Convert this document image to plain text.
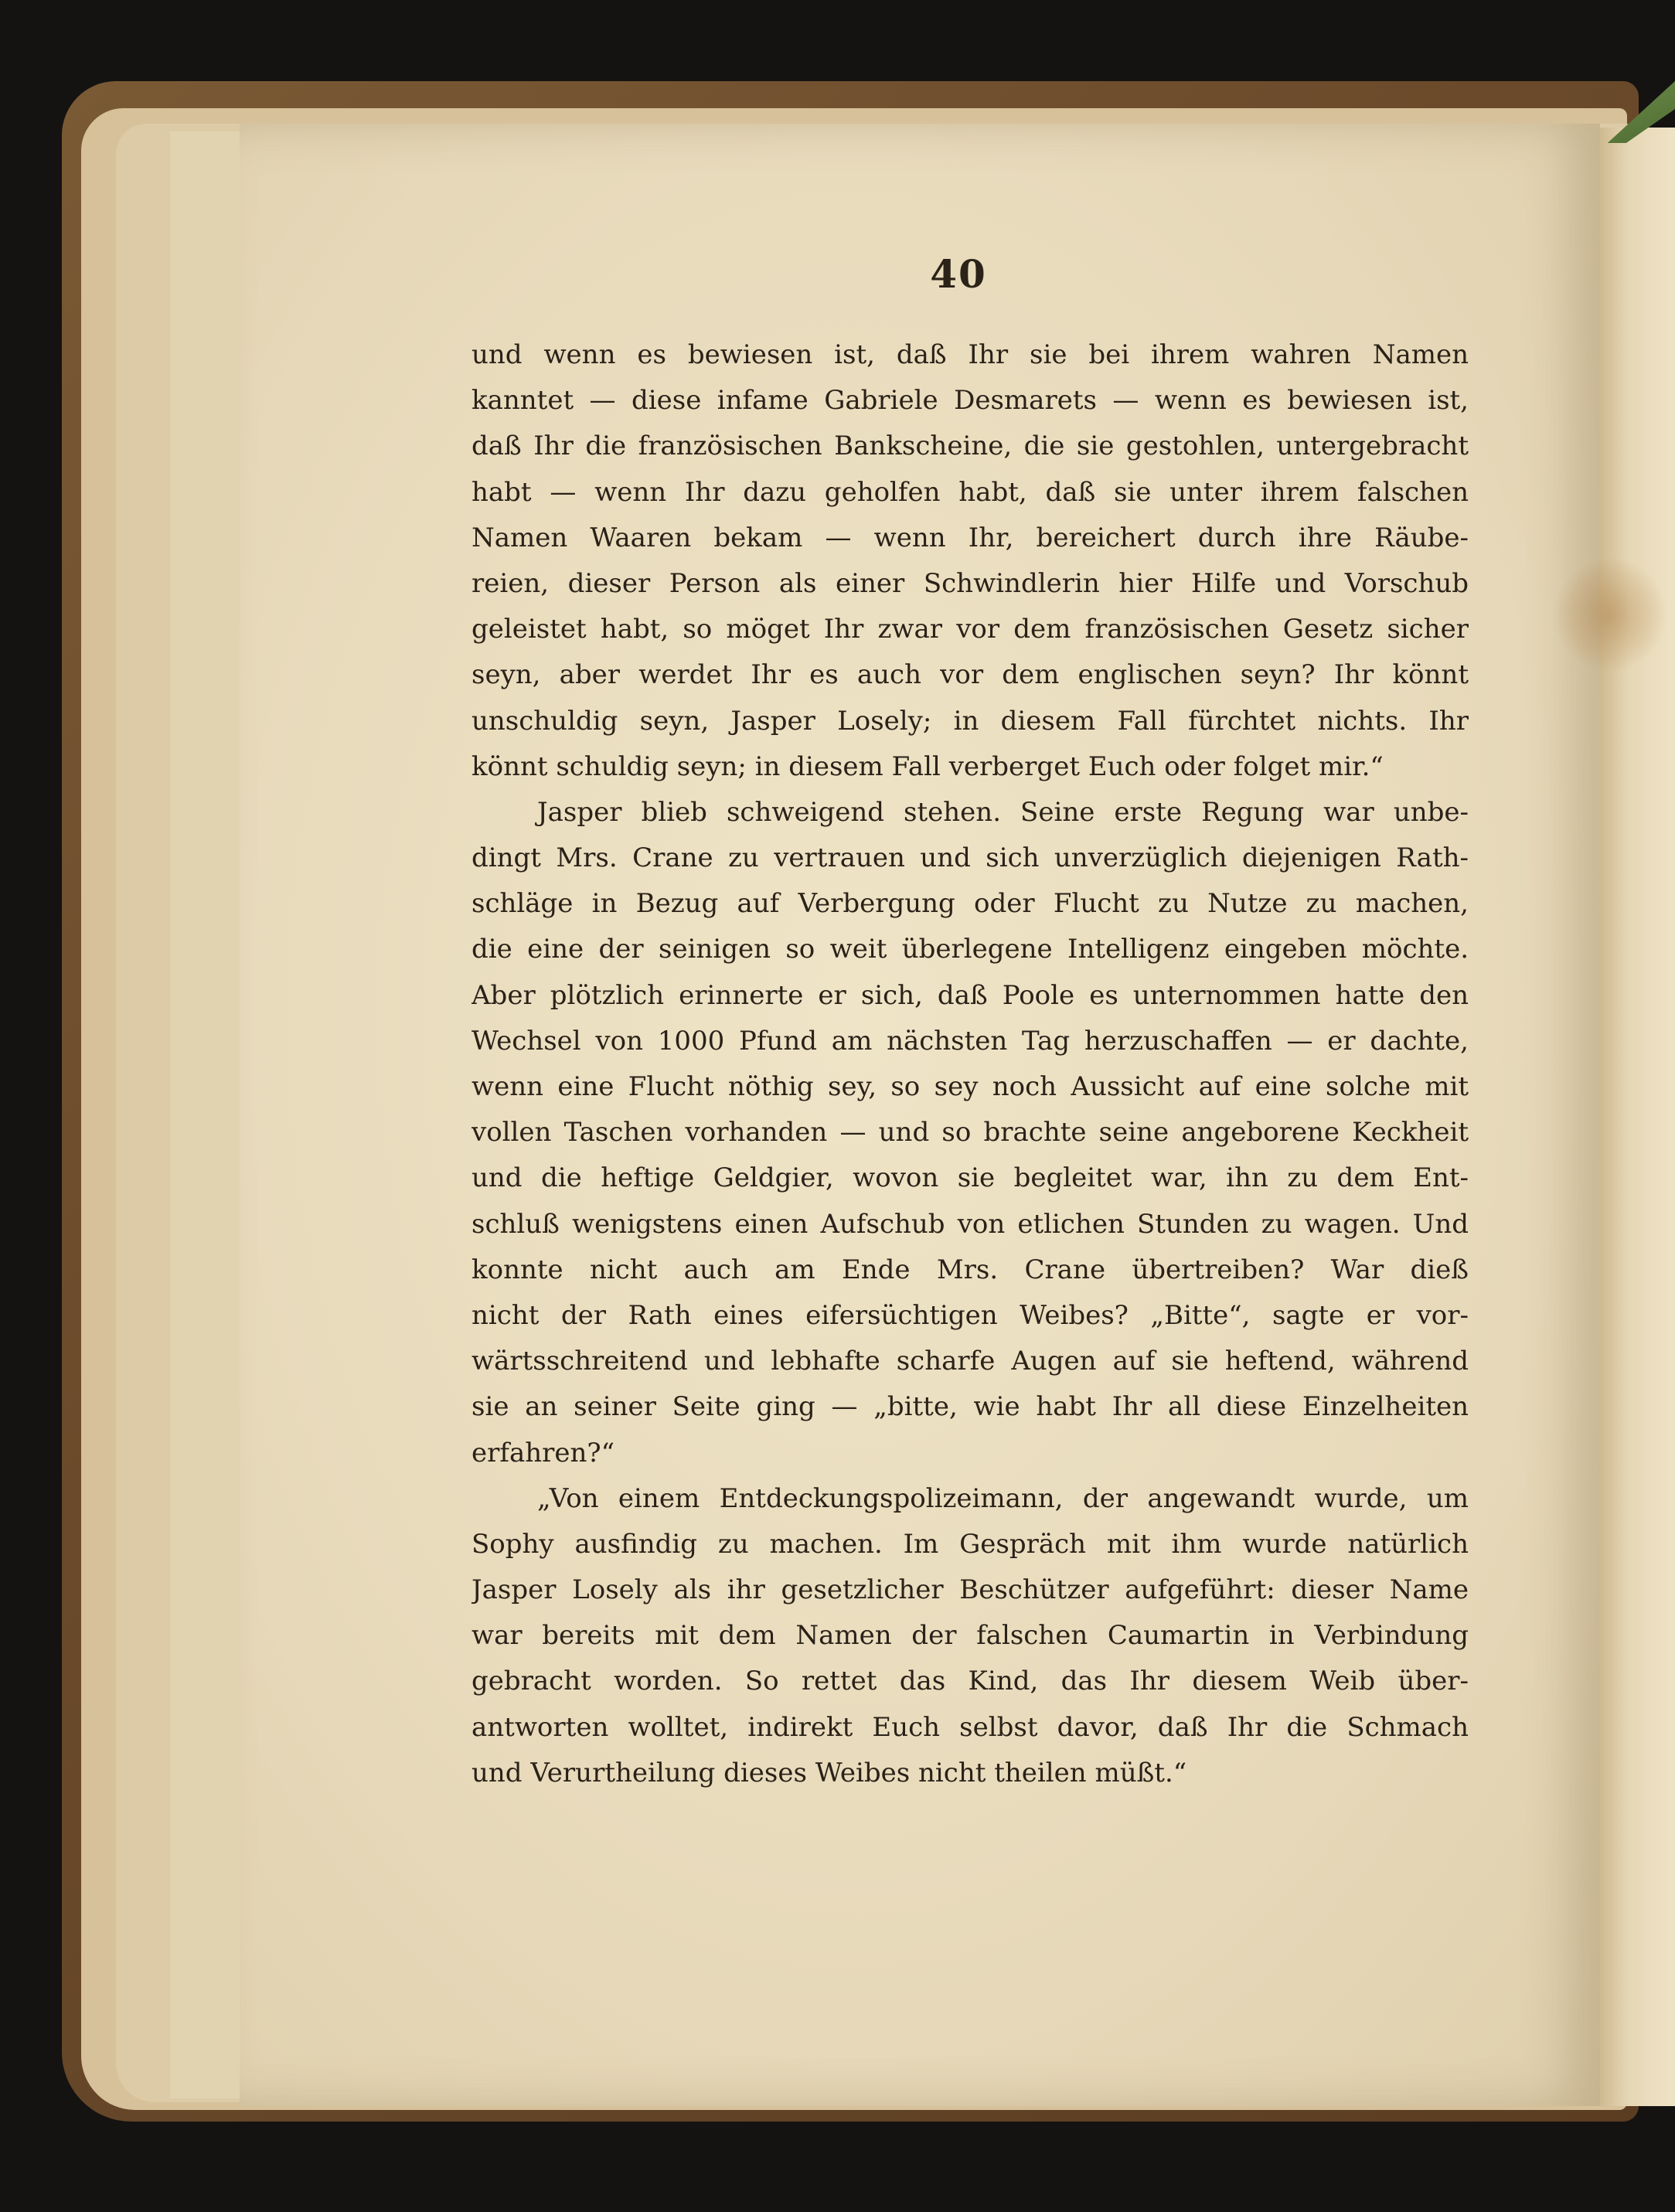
40
und wenn es bewiesen ist, daß Ihr sie bei ihrem wahren Namen
kanntet — diese infame Gabriele Desmarets — wenn es bewiesen ist,
daß Ihr die französischen Bankscheine, die sie gestohlen, untergebracht
habt — wenn Ihr dazu geholfen habt, daß sie unter ihrem falschen
Namen Waaren bekam — wenn Ihr, bereichert durch ihre Räube-
reien, dieser Person als einer Schwindlerin hier Hilfe und Vorschub
geleistet habt, so möget Ihr zwar vor dem französischen Gesetz sicher
seyn, aber werdet Ihr es auch vor dem englischen seyn? Ihr könnt
unschuldig seyn, Jasper Losely; in diesem Fall fürchtet nichts. Ihr
könnt schuldig seyn; in diesem Fall verberget Euch oder folget mir.“
Jasper blieb schweigend stehen. Seine erste Regung war unbe-
dingt Mrs. Crane zu vertrauen und sich unverzüglich diejenigen Rath-
schläge in Bezug auf Verbergung oder Flucht zu Nutze zu machen,
die eine der seinigen so weit überlegene Intelligenz eingeben möchte.
Aber plötzlich erinnerte er sich, daß Poole es unternommen hatte den
Wechsel von 1000 Pfund am nächsten Tag herzuschaffen — er dachte,
wenn eine Flucht nöthig sey, so sey noch Aussicht auf eine solche mit
vollen Taschen vorhanden — und so brachte seine angeborene Keckheit
und die heftige Geldgier, wovon sie begleitet war, ihn zu dem Ent-
schluß wenigstens einen Aufschub von etlichen Stunden zu wagen. Und
konnte nicht auch am Ende Mrs. Crane übertreiben? War dieß
nicht der Rath eines eifersüchtigen Weibes? „Bitte“, sagte er vor-
wärtsschreitend und lebhafte scharfe Augen auf sie heftend, während
sie an seiner Seite ging — „bitte, wie habt Ihr all diese Einzelheiten
erfahren?“
„Von einem Entdeckungspolizeimann, der angewandt wurde, um
Sophy ausfindig zu machen. Im Gespräch mit ihm wurde natürlich
Jasper Losely als ihr gesetzlicher Beschützer aufgeführt: dieser Name
war bereits mit dem Namen der falschen Caumartin in Verbindung
gebracht worden. So rettet das Kind, das Ihr diesem Weib über-
antworten wolltet, indirekt Euch selbst davor, daß Ihr die Schmach
und Verurtheilung dieses Weibes nicht theilen müßt.“
